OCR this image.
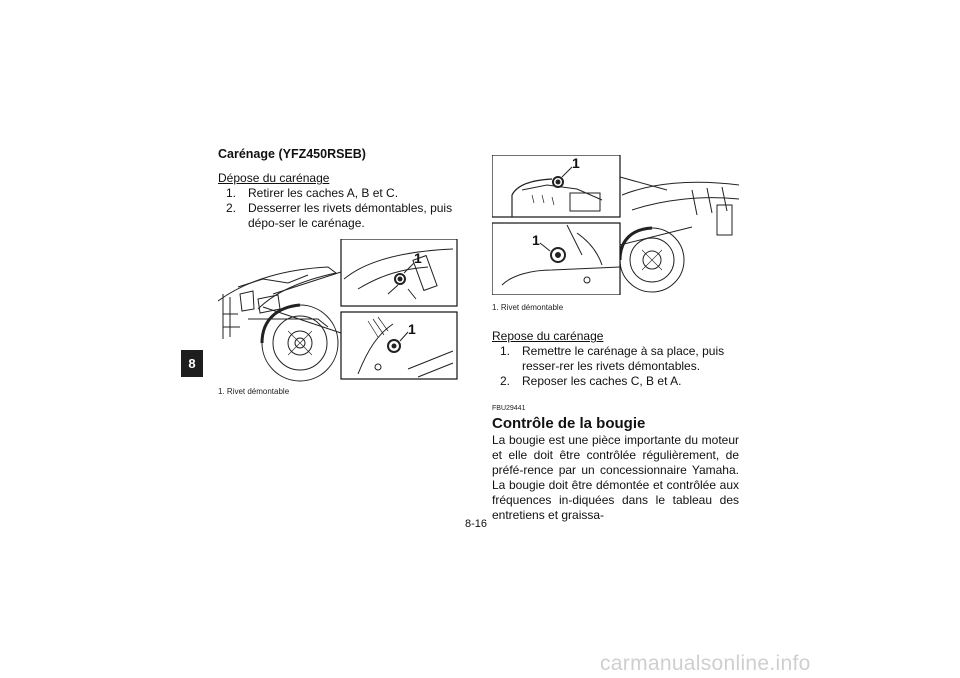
8
Carénage (YFZ450RSEB)
Dépose du carénage
1. Retirer les caches A, B et C.
2. Desserrer les rivets démontables, puis dépo-ser le carénage.
1
1
1. Rivet démontable
1
1
1. Rivet démontable
Repose du carénage
1. Remettre le carénage à sa place, puis resser-rer les rivets démontables.
2. Reposer les caches C, B et A.
FBU29441
Contrôle de la bougie

La bougie est une pièce importante du moteur et elle doit être contrôlée régulièrement, de préfé-rence par un concessionnaire Yamaha. La bougie doit être démontée et contrôlée aux fréquences in-diquées dans le tableau des entretiens et graissa-

8-16
carmanualsonline.info
